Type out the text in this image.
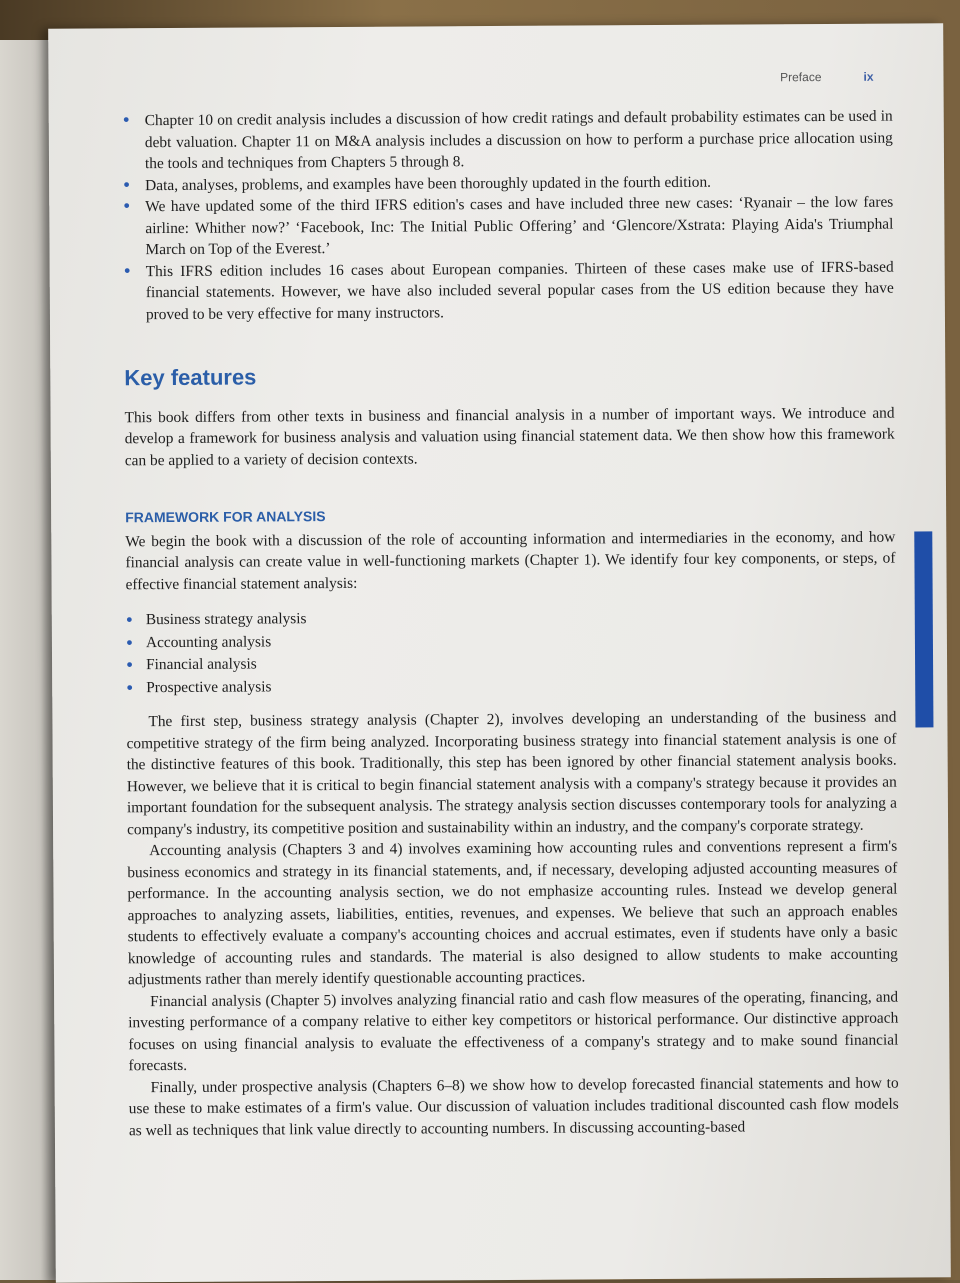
Preface	ix
• Chapter 10 on credit analysis includes a discussion of how credit ratings and default probability estimates can be used in debt valuation. Chapter 11 on M&A analysis includes a discussion on how to perform a purchase price allocation using the tools and techniques from Chapters 5 through 8.
• Data, analyses, problems, and examples have been thoroughly updated in the fourth edition.
• We have updated some of the third IFRS edition's cases and have included three new cases: ‘Ryanair – the low fares airline: Whither now?’ ‘Facebook, Inc: The Initial Public Offering’ and ‘Glencore/Xstrata: Playing Aida's Triumphal March on Top of the Everest.’
• This IFRS edition includes 16 cases about European companies. Thirteen of these cases make use of IFRS-based financial statements. However, we have also included several popular cases from the US edition because they have proved to be very effective for many instructors.
Key features

This book differs from other texts in business and financial analysis in a number of important ways. We introduce and develop a framework for business analysis and valuation using financial statement data. We then show how this framework can be applied to a variety of decision contexts.

FRAMEWORK FOR ANALYSIS

We begin the book with a discussion of the role of accounting information and intermediaries in the economy, and how financial analysis can create value in well-functioning markets (Chapter 1). We identify four key components, or steps, of effective financial statement analysis:

• Business strategy analysis
• Accounting analysis
• Financial analysis
• Prospective analysis

The first step, business strategy analysis (Chapter 2), involves developing an understanding of the business and competitive strategy of the firm being analyzed. Incorporating business strategy into financial statement analysis is one of the distinctive features of this book. Traditionally, this step has been ignored by other financial statement analysis books. However, we believe that it is critical to begin financial statement analysis with a company's strategy because it provides an important foundation for the subsequent analysis. The strategy analysis section discusses contemporary tools for analyzing a company's industry, its competitive position and sustainability within an industry, and the company's corporate strategy.

Accounting analysis (Chapters 3 and 4) involves examining how accounting rules and conventions represent a firm's business economics and strategy in its financial statements, and, if necessary, developing adjusted accounting measures of performance. In the accounting analysis section, we do not emphasize accounting rules. Instead we develop general approaches to analyzing assets, liabilities, entities, revenues, and expenses. We believe that such an approach enables students to effectively evaluate a company's accounting choices and accrual estimates, even if students have only a basic knowledge of accounting rules and standards. The material is also designed to allow students to make accounting adjustments rather than merely identify questionable accounting practices.

Financial analysis (Chapter 5) involves analyzing financial ratio and cash flow measures of the operating, financing, and investing performance of a company relative to either key competitors or historical performance. Our distinctive approach focuses on using financial analysis to evaluate the effectiveness of a company's strategy and to make sound financial forecasts.

Finally, under prospective analysis (Chapters 6–8) we show how to develop forecasted financial statements and how to use these to make estimates of a firm's value. Our discussion of valuation includes traditional discounted cash flow models as well as techniques that link value directly to accounting numbers. In discussing accounting-based
